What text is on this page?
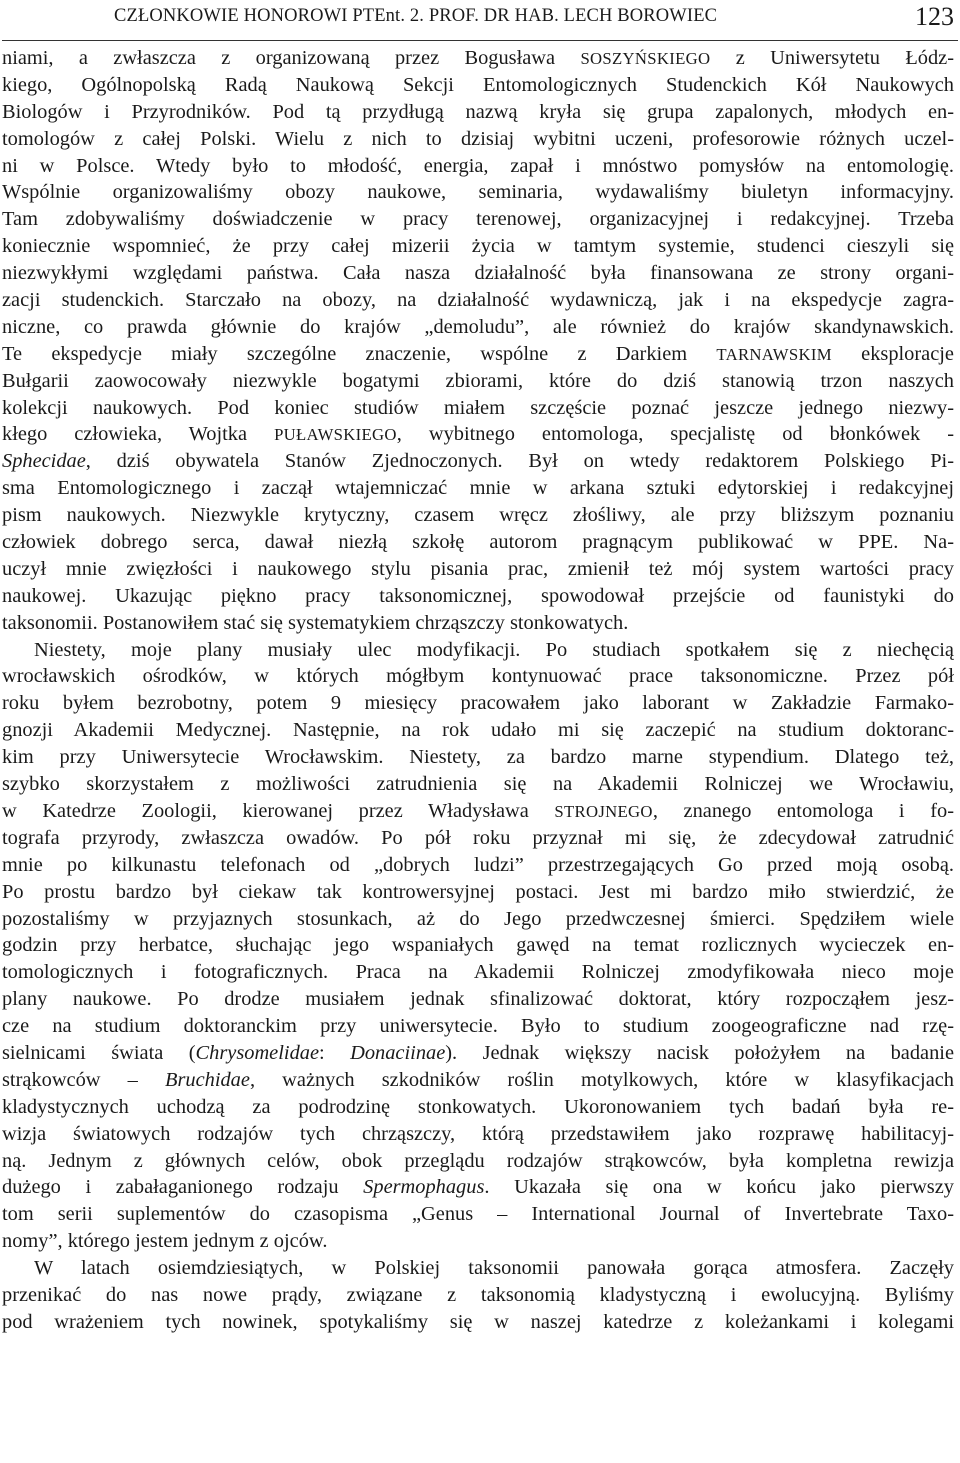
CZŁONKOWIE HONOROWI PTEnt. 2. PROF. DR HAB. LECH BOROWIEC	123
niami, a zwłaszcza z organizowaną przez Bogusława SOSZYŃSKIEGO z Uniwersytetu Łódz-
kiego, Ogólnopolską Radą Naukową Sekcji Entomologicznych Studenckich Kół Naukowych
Biologów i Przyrodników. Pod tą przydługą nazwą kryła się grupa zapalonych, młodych en-
tomologów z całej Polski. Wielu z nich to dzisiaj wybitni uczeni, profesorowie różnych uczel-
ni w Polsce. Wtedy było to młodość, energia, zapał i mnóstwo pomysłów na entomologię.
Wspólnie organizowaliśmy obozy naukowe, seminaria, wydawaliśmy biuletyn informacyjny.
Tam zdobywaliśmy doświadczenie w pracy terenowej, organizacyjnej i redakcyjnej. Trzeba
koniecznie wspomnieć, że przy całej mizerii życia w tamtym systemie, studenci cieszyli się
niezwykłymi względami państwa. Cała nasza działalność była finansowana ze strony organi-
zacji studenckich. Starczało na obozy, na działalność wydawniczą, jak i na ekspedycje zagra-
niczne, co prawda głównie do krajów „demoludu”, ale również do krajów skandynawskich.
Te ekspedycje miały szczególne znaczenie, wspólne z Darkiem TARNAWSKIM eksploracje
Bułgarii zaowocowały niezwykle bogatymi zbiorami, które do dziś stanowią trzon naszych
kolekcji naukowych. Pod koniec studiów miałem szczęście poznać jeszcze jednego niezwy-
kłego człowieka, Wojtka PUŁAWSKIEGO, wybitnego entomologa, specjalistę od błonkówek -
Sphecidae, dziś obywatela Stanów Zjednoczonych. Był on wtedy redaktorem Polskiego Pi-
sma Entomologicznego i zaczął wtajemniczać mnie w arkana sztuki edytorskiej i redakcyjnej
pism naukowych. Niezwykle krytyczny, czasem wręcz złośliwy, ale przy bliższym poznaniu
człowiek dobrego serca, dawał niezłą szkołę autorom pragnącym publikować w PPE. Na-
uczył mnie zwięzłości i naukowego stylu pisania prac, zmienił też mój system wartości pracy
naukowej. Ukazując piękno pracy taksonomicznej, spowodował przejście od faunistyki do
taksonomii. Postanowiłem stać się systematykiem chrząszczy stonkowatych.
Niestety, moje plany musiały ulec modyfikacji. Po studiach spotkałem się z niechęcią
wrocławskich ośrodków, w których mógłbym kontynuować prace taksonomiczne. Przez pół
roku byłem bezrobotny, potem 9 miesięcy pracowałem jako laborant w Zakładzie Farmako-
gnozji Akademii Medycznej. Następnie, na rok udało mi się zaczepić na studium doktoranc-
kim przy Uniwersytecie Wrocławskim. Niestety, za bardzo marne stypendium. Dlatego też,
szybko skorzystałem z możliwości zatrudnienia się na Akademii Rolniczej we Wrocławiu,
w Katedrze Zoologii, kierowanej przez Władysława STROJNEGO, znanego entomologa i fo-
tografa przyrody, zwłaszcza owadów. Po pół roku przyznał mi się, że zdecydował zatrudnić
mnie po kilkunastu telefonach od „dobrych ludzi” przestrzegających Go przed moją osobą.
Po prostu bardzo był ciekaw tak kontrowersyjnej postaci. Jest mi bardzo miło stwierdzić, że
pozostaliśmy w przyjaznych stosunkach, aż do Jego przedwczesnej śmierci. Spędziłem wiele
godzin przy herbatce, słuchając jego wspaniałych gawęd na temat rozlicznych wycieczek en-
tomologicznych i fotograficznych. Praca na Akademii Rolniczej zmodyfikowała nieco moje
plany naukowe. Po drodze musiałem jednak sfinalizować doktorat, który rozpocząłem jesz-
cze na studium doktoranckim przy uniwersytecie. Było to studium zoogeograficzne nad rzę-
sielnicami świata (Chrysomelidae: Donaciinae). Jednak większy nacisk położyłem na badanie
strąkowców – Bruchidae, ważnych szkodników roślin motylkowych, które w klasyfikacjach
kladystycznych uchodzą za podrodzinę stonkowatych. Ukoronowaniem tych badań była re-
wizja światowych rodzajów tych chrząszczy, którą przedstawiłem jako rozprawę habilitacyj-
ną. Jednym z głównych celów, obok przeglądu rodzajów strąkowców, była kompletna rewizja
dużego i zabałaganionego rodzaju Spermophagus. Ukazała się ona w końcu jako pierwszy
tom serii suplementów do czasopisma „Genus – International Journal of Invertebrate Taxo-
nomy”, którego jestem jednym z ojców.
W latach osiemdziesiątych, w Polskiej taksonomii panowała gorąca atmosfera. Zaczęły
przenikać do nas nowe prądy, związane z taksonomią kladystyczną i ewolucyjną. Byliśmy
pod wrażeniem tych nowinek, spotykaliśmy się w naszej katedrze z koleżankami i kolegami
